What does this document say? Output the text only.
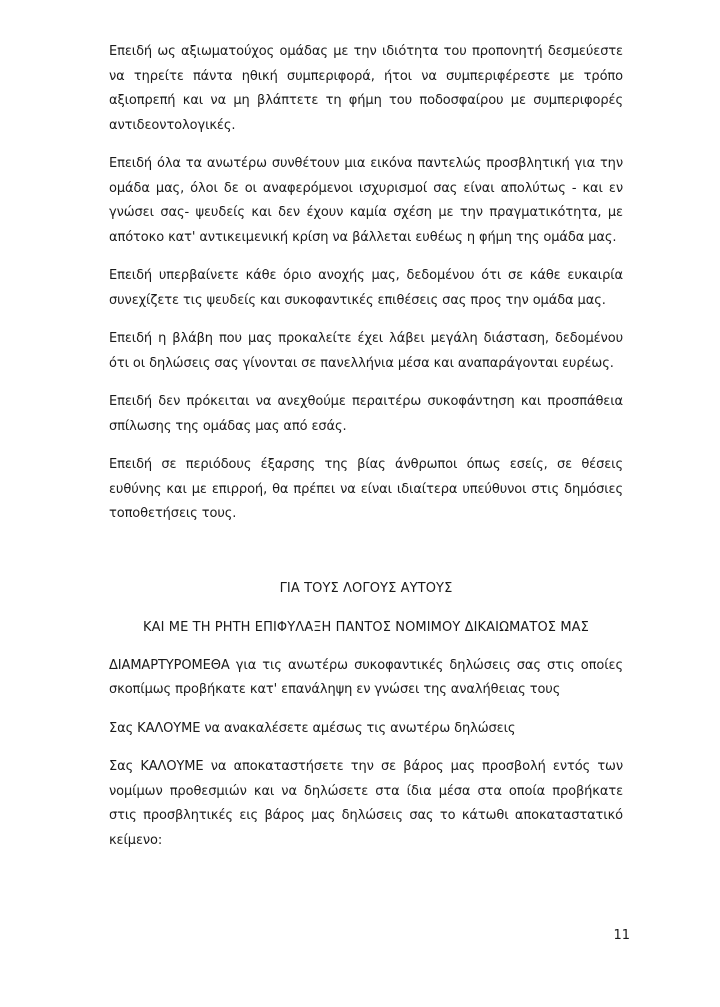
Επειδή ως αξιωματούχος ομάδας με την ιδιότητα του προπονητή δεσμεύεστε να τηρείτε πάντα ηθική συμπεριφορά, ήτοι να συμπεριφέρεστε με τρόπο αξιοπρεπή και να μη βλάπτετε τη φήμη του ποδοσφαίρου με συμπεριφορές αντιδεοντολογικές.

Επειδή όλα τα ανωτέρω συνθέτουν μια εικόνα παντελώς προσβλητική για την ομάδα μας, όλοι δε οι αναφερόμενοι ισχυρισμοί σας είναι απολύτως - και εν γνώσει σας- ψευδείς και δεν έχουν καμία σχέση με την πραγματικότητα, με απότοκο κατ' αντικειμενική κρίση να βάλλεται ευθέως η φήμη της ομάδα μας.

Επειδή υπερβαίνετε κάθε όριο ανοχής μας, δεδομένου ότι σε κάθε ευκαιρία συνεχίζετε τις ψευδείς και συκοφαντικές επιθέσεις σας προς την ομάδα μας.

Επειδή η βλάβη που μας προκαλείτε έχει λάβει μεγάλη διάσταση, δεδομένου ότι οι δηλώσεις σας γίνονται σε πανελλήνια μέσα και αναπαράγονται ευρέως.

Επειδή δεν πρόκειται να ανεχθούμε περαιτέρω συκοφάντηση και προσπάθεια σπίλωσης της ομάδας μας από εσάς.

Επειδή σε περιόδους έξαρσης της βίας άνθρωποι όπως εσείς, σε θέσεις ευθύνης και με επιρροή, θα πρέπει να είναι ιδιαίτερα υπεύθυνοι στις δημόσιες τοποθετήσεις τους.

ΓΙΑ ΤΟΥΣ ΛΟΓΟΥΣ ΑΥΤΟΥΣ

ΚΑΙ ΜΕ ΤΗ ΡΗΤΗ ΕΠΙΦΥΛΑΞΗ ΠΑΝΤΟΣ ΝΟΜΙΜΟΥ ΔΙΚΑΙΩΜΑΤΟΣ ΜΑΣ

ΔΙΑΜΑΡΤΥΡΟΜΕΘΑ για τις ανωτέρω συκοφαντικές δηλώσεις σας στις οποίες σκοπίμως προβήκατε κατ' επανάληψη εν γνώσει της αναλήθειας τους

Σας ΚΑΛΟΥΜΕ να ανακαλέσετε αμέσως τις ανωτέρω δηλώσεις

Σας ΚΑΛΟΥΜΕ να αποκαταστήσετε την σε βάρος μας προσβολή εντός των νομίμων προθεσμιών και να δηλώσετε στα ίδια μέσα στα οποία προβήκατε στις προσβλητικές εις βάρος μας δηλώσεις σας το κάτωθι αποκαταστατικό κείμενο:

11
